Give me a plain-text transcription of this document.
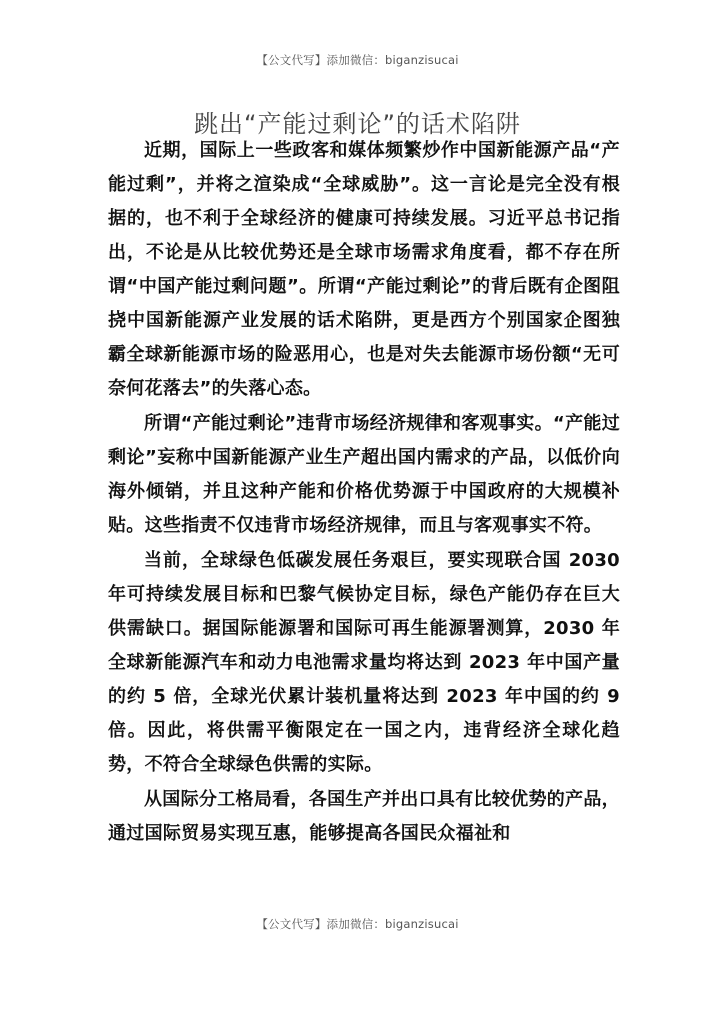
【公文代写】添加微信：biganzisucai
跳出“产能过剩论”的话术陷阱

近期，国际上一些政客和媒体频繁炒作中国新能源产品“产能过剩”，并将之渲染成“全球威胁”。这一言论是完全没有根据的，也不利于全球经济的健康可持续发展。习近平总书记指出，不论是从比较优势还是全球市场需求角度看，都不存在所谓“中国产能过剩问题”。所谓“产能过剩论”的背后既有企图阻挠中国新能源产业发展的话术陷阱，更是西方个别国家企图独霸全球新能源市场的险恶用心，也是对失去能源市场份额“无可奈何花落去”的失落心态。

所谓“产能过剩论”违背市场经济规律和客观事实。“产能过剩论”妄称中国新能源产业生产超出国内需求的产品，以低价向海外倾销，并且这种产能和价格优势源于中国政府的大规模补贴。这些指责不仅违背市场经济规律，而且与客观事实不符。

当前，全球绿色低碳发展任务艰巨，要实现联合国 2030 年可持续发展目标和巴黎气候协定目标，绿色产能仍存在巨大供需缺口。据国际能源署和国际可再生能源署测算，2030 年全球新能源汽车和动力电池需求量均将达到 2023 年中国产量的约 5 倍，全球光伏累计装机量将达到 2023 年中国的约 9 倍。因此，将供需平衡限定在一国之内，违背经济全球化趋势，不符合全球绿色供需的实际。

从国际分工格局看，各国生产并出口具有比较优势的产品，通过国际贸易实现互惠，能够提高各国民众福祉和

【公文代写】添加微信：biganzisucai
